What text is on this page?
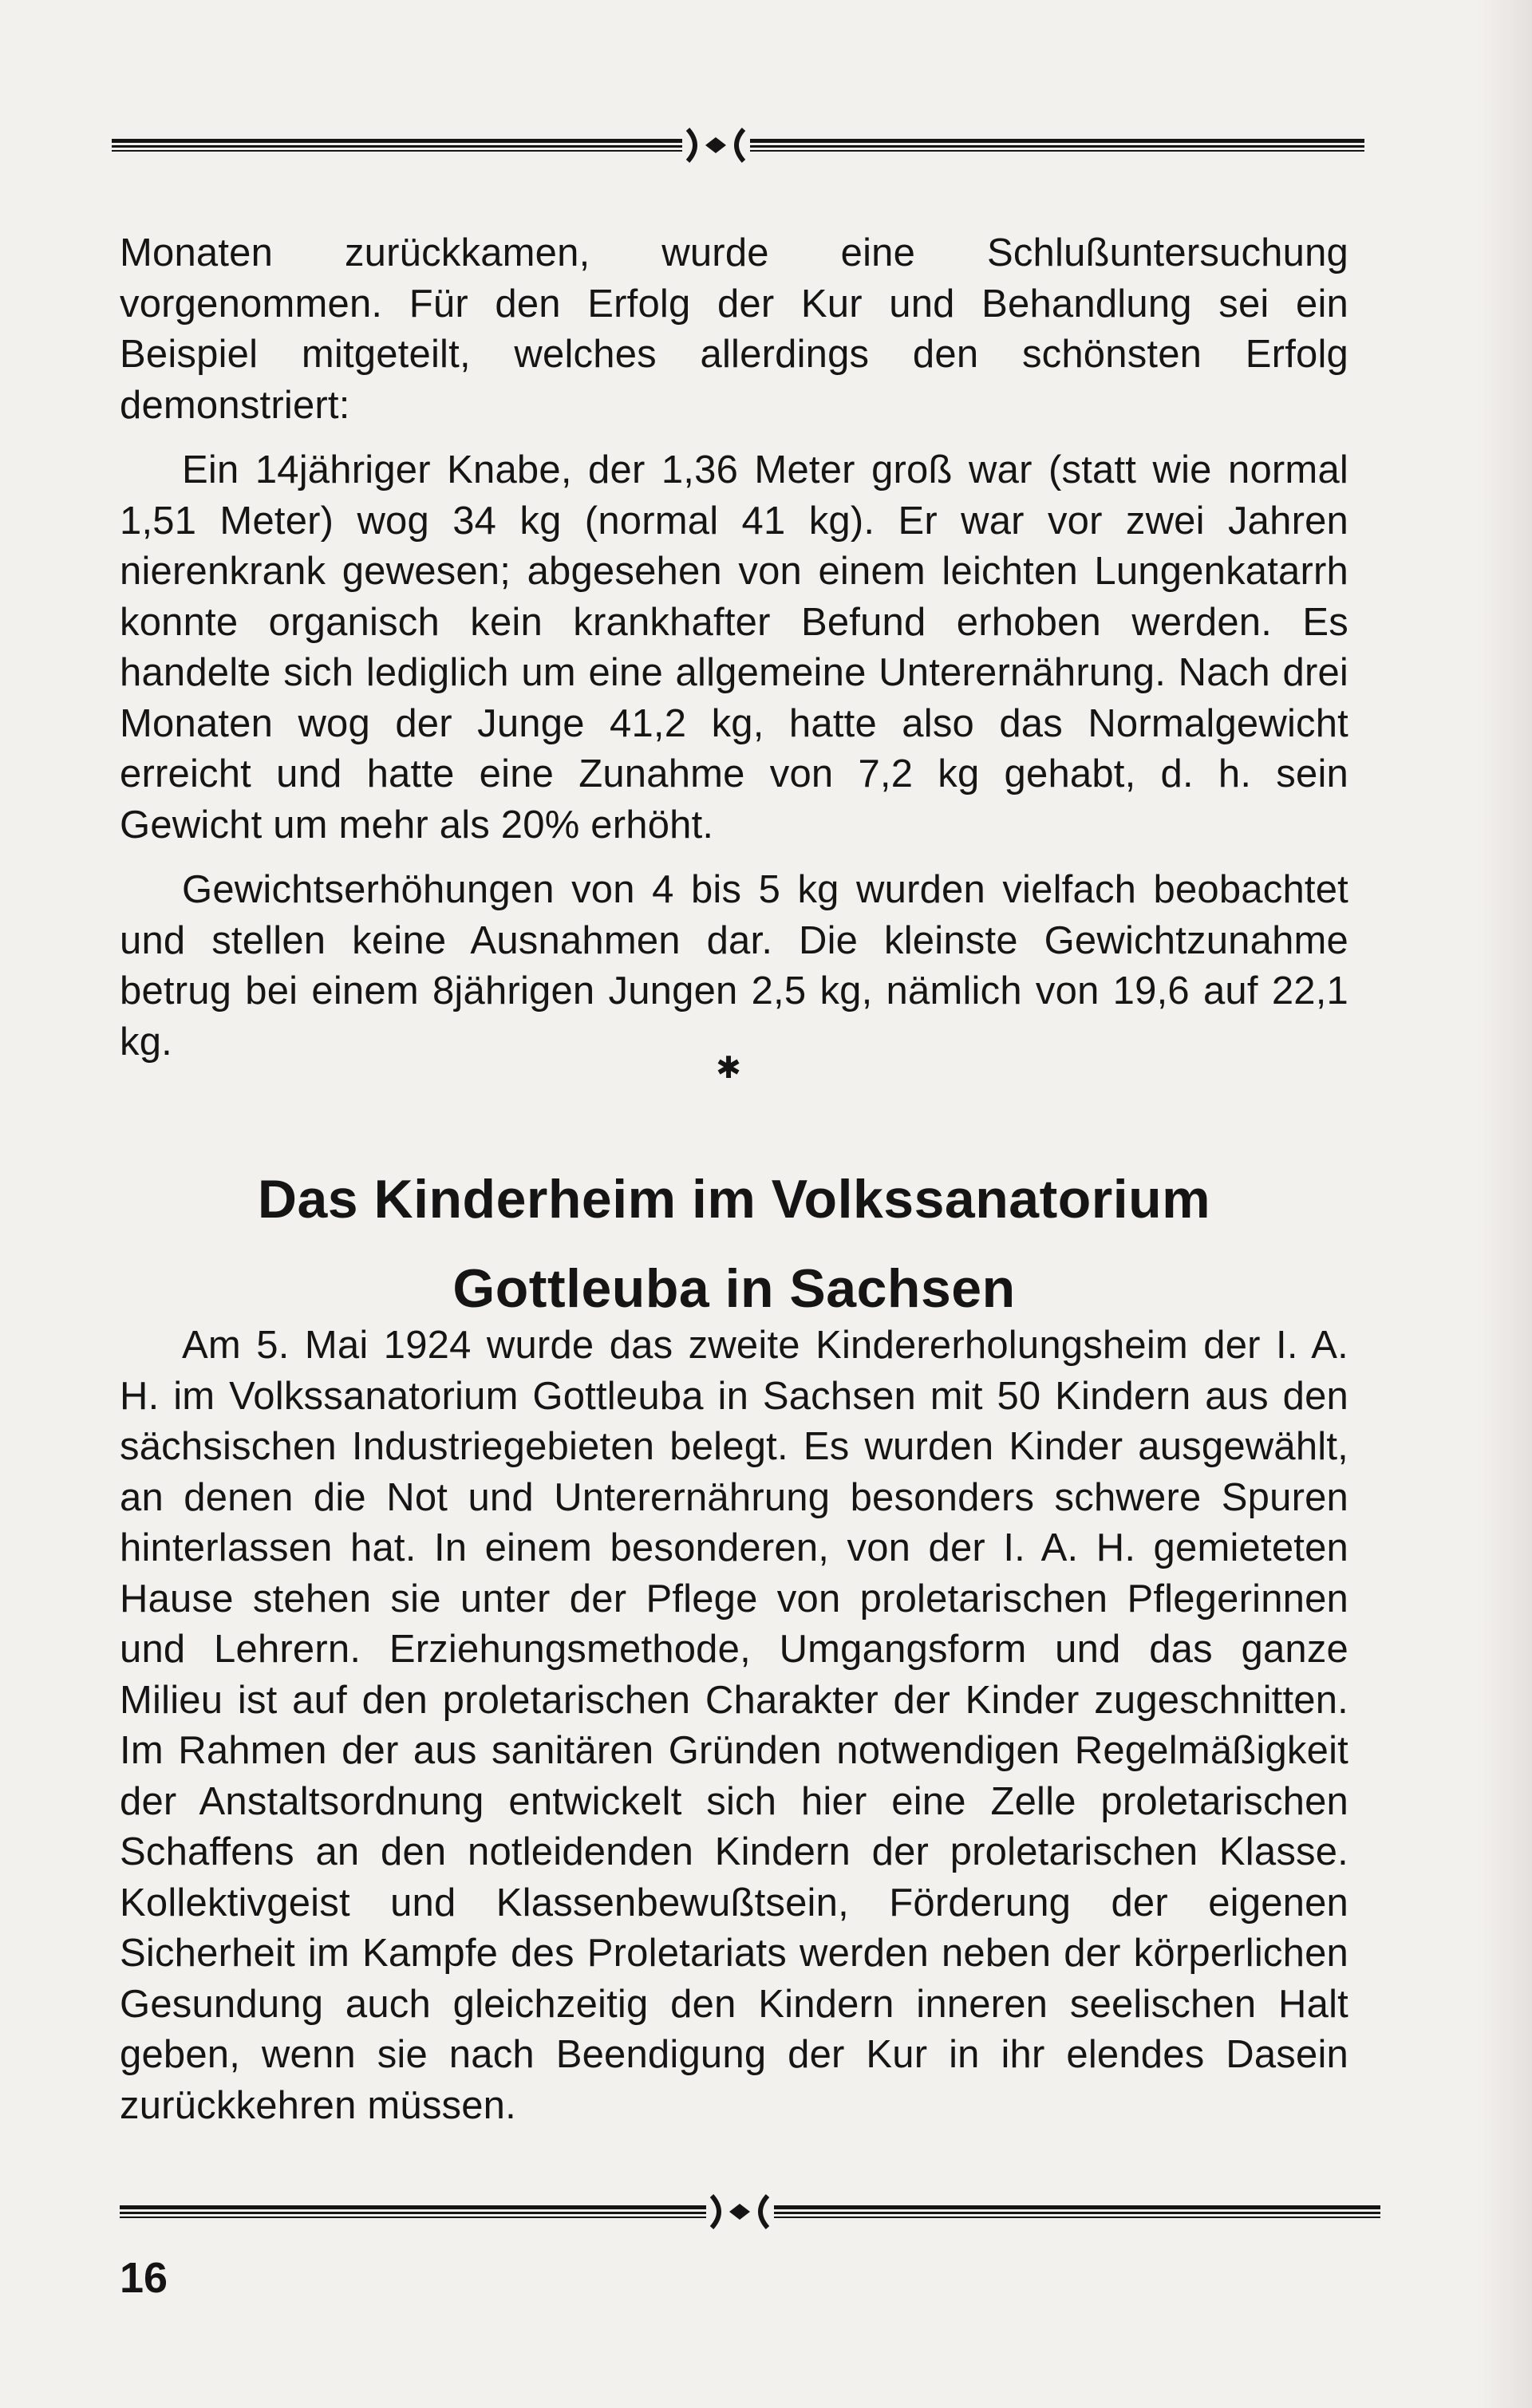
Monaten zurückkamen, wurde eine Schlußuntersuchung vorgenommen. Für den Erfolg der Kur und Behandlung sei ein Beispiel mitgeteilt, welches allerdings den schönsten Erfolg demonstriert:

Ein 14jähriger Knabe, der 1,36 Meter groß war (statt wie normal 1,51 Meter) wog 34 kg (normal 41 kg). Er war vor zwei Jahren nierenkrank gewesen; abgesehen von einem leichten Lungenkatarrh konnte organisch kein krankhafter Befund erhoben werden. Es handelte sich lediglich um eine allgemeine Unterernährung. Nach drei Monaten wog der Junge 41,2 kg, hatte also das Normalgewicht erreicht und hatte eine Zunahme von 7,2 kg gehabt, d. h. sein Gewicht um mehr als 20% erhöht.

Gewichtserhöhungen von 4 bis 5 kg wurden vielfach beobachtet und stellen keine Ausnahmen dar. Die kleinste Gewichtzunahme betrug bei einem 8jährigen Jungen 2,5 kg, nämlich von 19,6 auf 22,1 kg.

✱
Das Kinderheim im Volkssanatorium
Gottleuba in Sachsen

Am 5. Mai 1924 wurde das zweite Kindererholungsheim der I. A. H. im Volkssanatorium Gottleuba in Sachsen mit 50 Kindern aus den sächsischen Industriegebieten belegt. Es wurden Kinder ausgewählt, an denen die Not und Unterernährung besonders schwere Spuren hinterlassen hat. In einem besonderen, von der I. A. H. gemieteten Hause stehen sie unter der Pflege von proletarischen Pflegerinnen und Lehrern. Erziehungsmethode, Umgangsform und das ganze Milieu ist auf den proletarischen Charakter der Kinder zugeschnitten. Im Rahmen der aus sanitären Gründen notwendigen Regelmäßigkeit der Anstaltsordnung entwickelt sich hier eine Zelle proletarischen Schaffens an den notleidenden Kindern der proletarischen Klasse. Kollektivgeist und Klassenbewußtsein, Förderung der eigenen Sicherheit im Kampfe des Proletariats werden neben der körperlichen Gesundung auch gleichzeitig den Kindern inneren seelischen Halt geben, wenn sie nach Beendigung der Kur in ihr elendes Dasein zurückkehren müssen.

16
